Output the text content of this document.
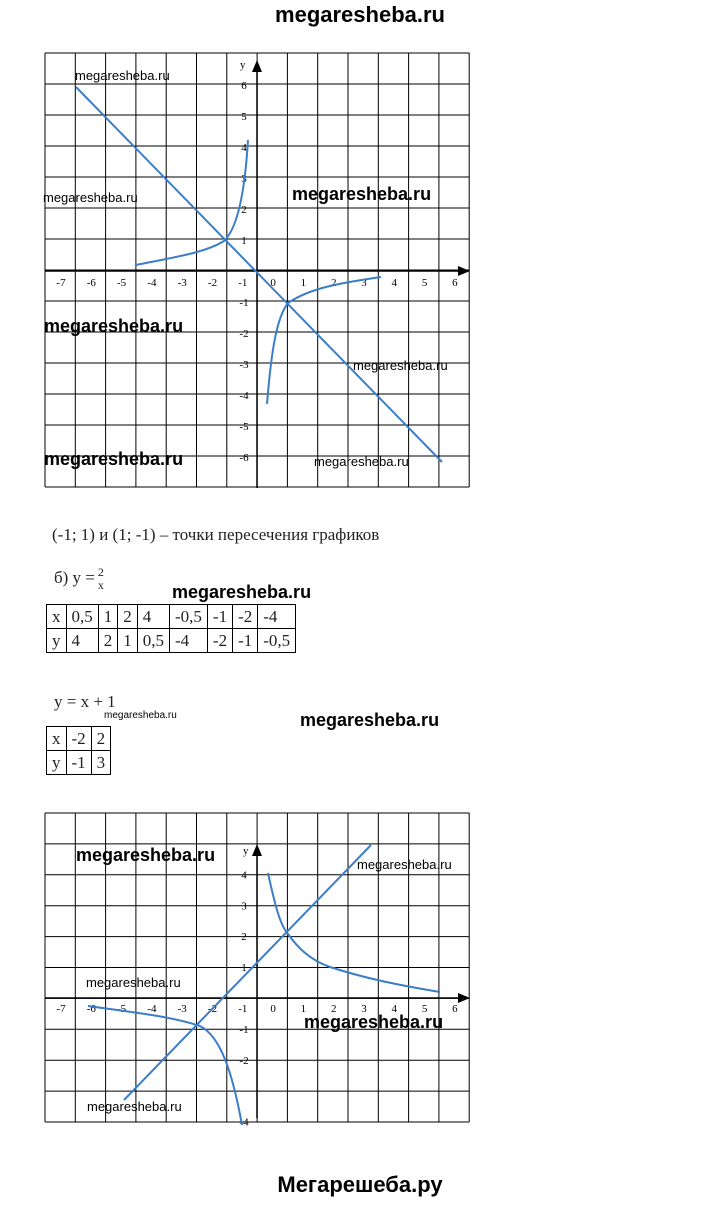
megaresheba.ru
y
-7 -6 -5 -4 -3 -2 -1 0 1 2 3 4 5 6
6
5
4
3
2
1
-1
-2
-3
-4
-5
-6
megaresheba.ru
megaresheba.ru
megaresheba.ru
megaresheba.ru
megaresheba.ru
megaresheba.ru
megaresheba.ru
(-1; 1) и (1; -1) – точки пересечения графиков
б) y = 2
x	megaresheba.ru
x	0,5	1	2	4	-0,5	-1	-2	-4
y	4	2	1	0,5	-4	-2	-1	-0,5
y = x + 1
megaresheba.ru	megaresheba.ru
x	-2	2
y	-1	3
y
-7 -6 -5 -4 -3 -2 -1 0 1 2 3 4 5 6
4
3
2
1
-1
-2
-4
megaresheba.ru
megaresheba.ru
megaresheba.ru
megaresheba.ru
megaresheba.ru
Мегарешеба.ру
